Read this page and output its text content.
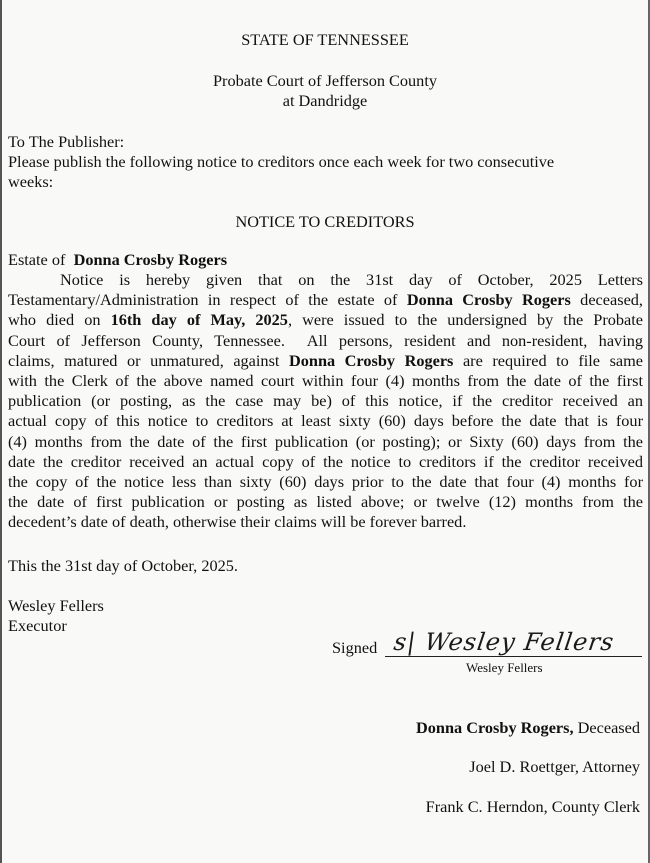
STATE OF TENNESSEE
Probate Court of Jefferson County
at Dandridge
To The Publisher:
Please publish the following notice to creditors once each week for two consecutive
weeks:
NOTICE TO CREDITORS
Estate of Donna Crosby Rogers
Notice is hereby given that on the 31st day of October, 2025 Letters
Testamentary/Administration in respect of the estate of Donna Crosby Rogers deceased,
who died on 16th day of May, 2025, were issued to the undersigned by the Probate
Court of Jefferson County, Tennessee.  All persons, resident and non-resident, having
claims, matured or unmatured, against Donna Crosby Rogers are required to file same
with the Clerk of the above named court within four (4) months from the date of the first
publication (or posting, as the case may be) of this notice, if the creditor received an
actual copy of this notice to creditors at least sixty (60) days before the date that is four
(4) months from the date of the first publication (or posting); or Sixty (60) days from the
date the creditor received an actual copy of the notice to creditors if the creditor received
the copy of the notice less than sixty (60) days prior to the date that four (4) months for
the date of first publication or posting as listed above; or twelve (12) months from the
decedent’s date of death, otherwise their claims will be forever barred.
This the 31st day of October, 2025.
Wesley Fellers
Executor
Signed s| Wesley Fellers
Wesley Fellers
Donna Crosby Rogers, Deceased
Joel D. Roettger, Attorney
Frank C. Herndon, County Clerk
